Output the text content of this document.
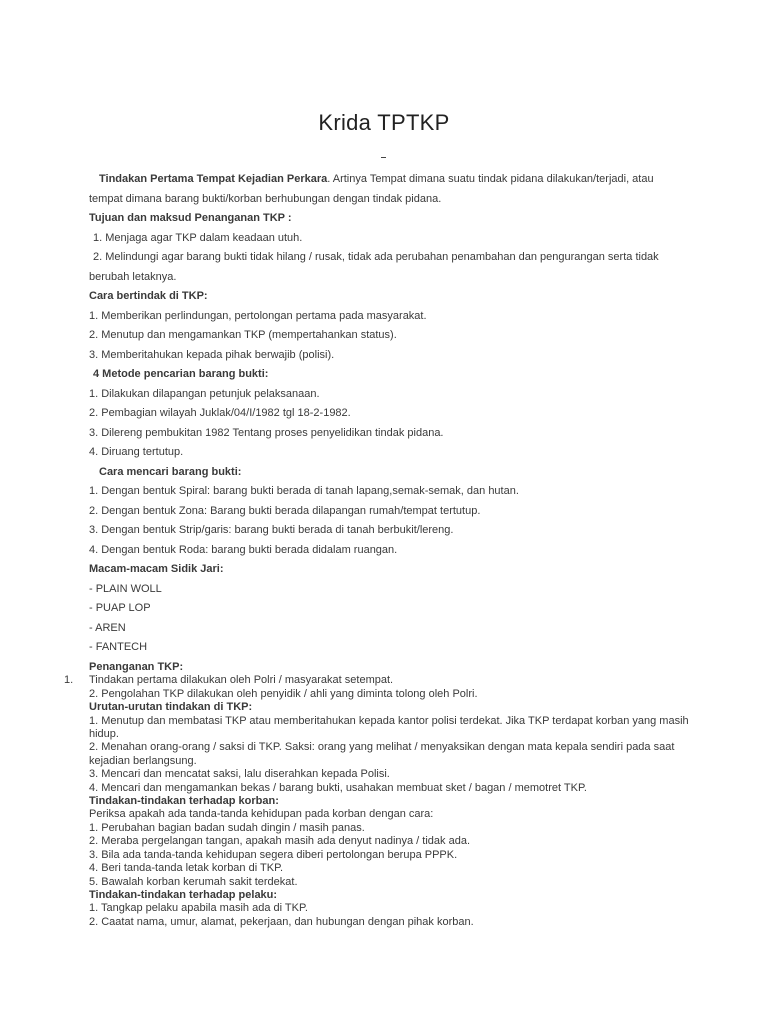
Krida TPTKP
Tindakan Pertama Tempat Kejadian Perkara. Artinya Tempat dimana suatu tindak pidana dilakukan/terjadi, atau tempat dimana barang bukti/korban berhubungan dengan tindak pidana.
Tujuan dan maksud Penanganan TKP :
1. Menjaga agar TKP dalam keadaan utuh.
2. Melindungi agar barang bukti tidak hilang / rusak, tidak ada perubahan penambahan dan pengurangan serta tidak berubah letaknya.
Cara bertindak di TKP:
1. Memberikan perlindungan, pertolongan pertama pada masyarakat.
2. Menutup dan mengamankan TKP (mempertahankan status).
3. Memberitahukan kepada pihak berwajib (polisi).
4 Metode pencarian barang bukti:
1. Dilakukan dilapangan petunjuk pelaksanaan.
2. Pembagian wilayah Juklak/04/I/1982 tgl 18-2-1982.
3. Dilereng pembukitan 1982 Tentang proses penyelidikan tindak pidana.
4. Diruang tertutup.
Cara mencari barang bukti:
1. Dengan bentuk Spiral: barang bukti berada di tanah lapang,semak-semak, dan hutan.
2. Dengan bentuk Zona: Barang bukti berada dilapangan rumah/tempat tertutup.
3. Dengan bentuk Strip/garis: barang bukti berada di tanah berbukit/lereng.
4. Dengan bentuk Roda: barang bukti berada didalam ruangan.
Macam-macam Sidik Jari:
- PLAIN WOLL
- PUAP LOP
- AREN
- FANTECH
Penanganan TKP:
1. Tindakan pertama dilakukan oleh Polri / masyarakat setempat.
2. Pengolahan TKP dilakukan oleh penyidik / ahli yang diminta tolong oleh Polri.
Urutan-urutan tindakan di TKP:
1. Menutup dan membatasi TKP atau memberitahukan kepada kantor polisi terdekat. Jika TKP terdapat korban yang masih hidup.
2. Menahan orang-orang / saksi di TKP. Saksi: orang yang melihat / menyaksikan dengan mata kepala sendiri pada saat kejadian berlangsung.
3. Mencari dan mencatat saksi, lalu diserahkan kepada Polisi.
4. Mencari dan mengamankan bekas / barang bukti, usahakan membuat sket / bagan / memotret TKP.
Tindakan-tindakan terhadap korban:
Periksa apakah ada tanda-tanda kehidupan pada korban dengan cara:
1. Perubahan bagian badan sudah dingin / masih panas.
2. Meraba pergelangan tangan, apakah masih ada denyut nadinya / tidak ada.
3. Bila ada tanda-tanda kehidupan segera diberi pertolongan berupa PPPK.
4. Beri tanda-tanda letak korban di TKP.
5. Bawalah korban kerumah sakit terdekat.
Tindakan-tindakan terhadap pelaku:
1. Tangkap pelaku apabila masih ada di TKP.
2. Caatat nama, umur, alamat, pekerjaan, dan hubungan dengan pihak korban.
